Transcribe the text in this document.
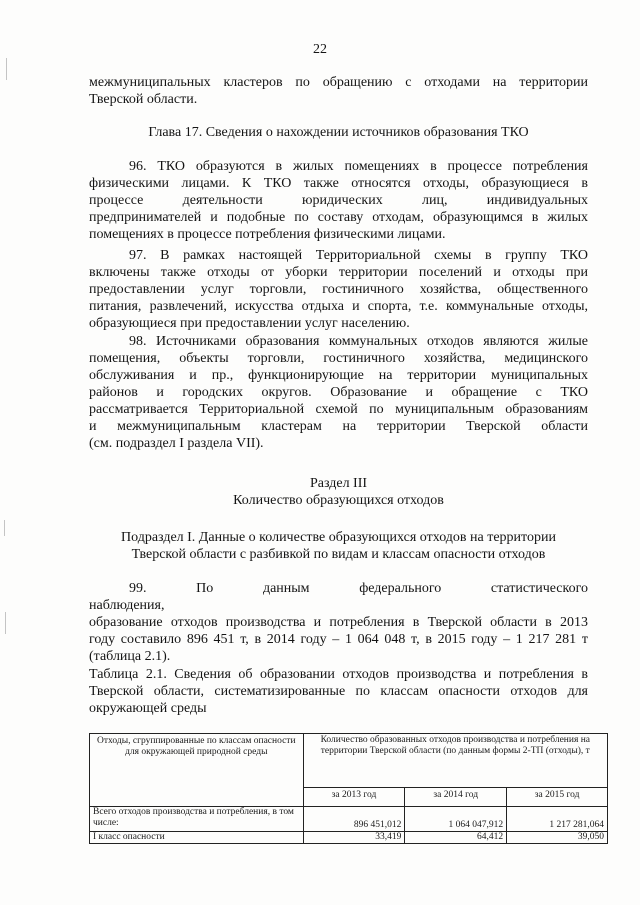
22
межмуниципальных кластеров по обращению с отходами на территории
Тверской области.
Глава 17. Сведения о нахождении источников образования ТКО
96. ТКО образуются в жилых помещениях в процессе потребления
физическими лицами. К ТКО также относятся отходы, образующиеся в
процессе деятельности юридических лиц, индивидуальных
предпринимателей и подобные по составу отходам, образующимся в жилых
помещениях в процессе потребления физическими лицами.
97. В рамках настоящей Территориальной схемы в группу ТКО
включены также отходы от уборки территории поселений и отходы при
предоставлении услуг торговли, гостиничного хозяйства, общественного
питания, развлечений, искусства отдыха и спорта, т.е. коммунальные отходы,
образующиеся при предоставлении услуг населению.
98. Источниками образования коммунальных отходов являются жилые
помещения, объекты торговли, гостиничного хозяйства, медицинского
обслуживания и пр., функционирующие на территории муниципальных
районов и городских округов. Образование и обращение с ТКО
рассматривается Территориальной схемой по муниципальным образованиям
и межмуниципальным кластерам на территории Тверской области
(см. подраздел I раздела VII).
Раздел III
Количество образующихся отходов
Подраздел I. Данные о количестве образующихся отходов на территории
Тверской области с разбивкой по видам и классам опасности отходов
99. По данным федерального статистического наблюдения,
образование отходов производства и потребления в Тверской области в 2013
году составило 896 451 т, в 2014 году – 1 064 048 т, в 2015 году – 1 217 281 т
(таблица 2.1).
Таблица 2.1. Сведения об образовании отходов производства и потребления в
Тверской области, систематизированные по классам опасности отходов для
окружающей среды
Отходы, сгруппированные по классам опасности для окружающей природной среды	Количество образованных отходов производства и потребления на территории Тверской области (по данным формы 2-ТП (отходы), т		
	за 2013 год	за 2014 год	за 2015 год
Всего отходов производства и потребления, в том числе:	896 451,012	1 064 047,912	1 217 281,064
I класс опасности	33,419	64,412	39,050
